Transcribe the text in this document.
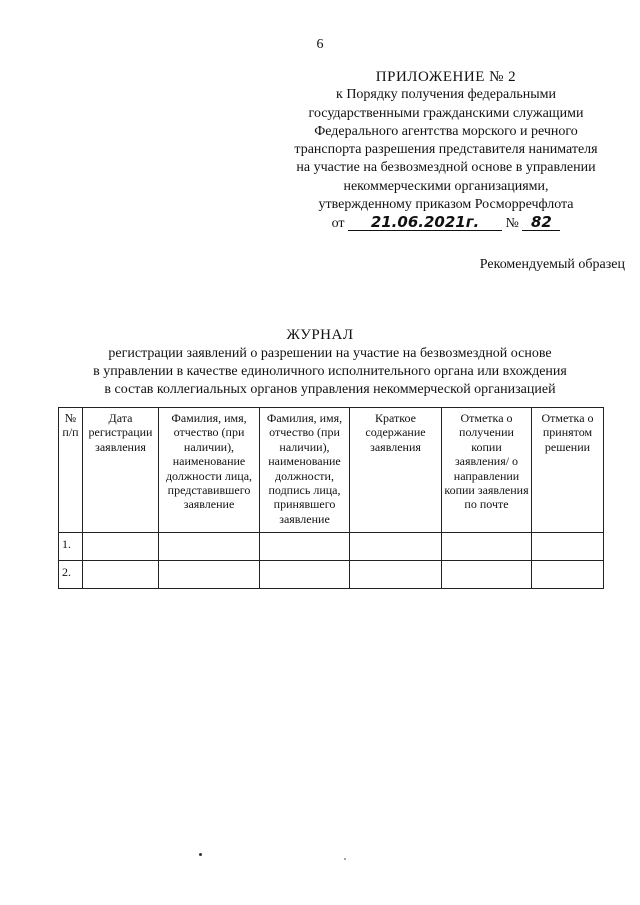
6
ПРИЛОЖЕНИЕ № 2
к Порядку получения федеральными
государственными гражданскими служащими
Федерального агентства морского и речного
транспорта разрешения представителя нанимателя
на участие на безвозмездной основе в управлении
некоммерческими организациями,
утвержденному приказом Росморречфлота
от 21.06.2021г. № 82
Рекомендуемый образец
ЖУРНАЛ
регистрации заявлений о разрешении на участие на безвозмездной основе
в управлении в качестве единоличного исполнительного органа или вхождения
в состав коллегиальных органов управления некоммерческой организацией
№ п/п	Дата регистрации заявления	Фамилия, имя, отчество (при наличии), наименование должности лица, представившего заявление	Фамилия, имя, отчество (при наличии), наименование должности, подпись лица, принявшего заявление	Краткое содержание заявления	Отметка о получении копии заявления/ о направлении копии заявления по почте	Отметка о принятом решении
1.						
2.						
